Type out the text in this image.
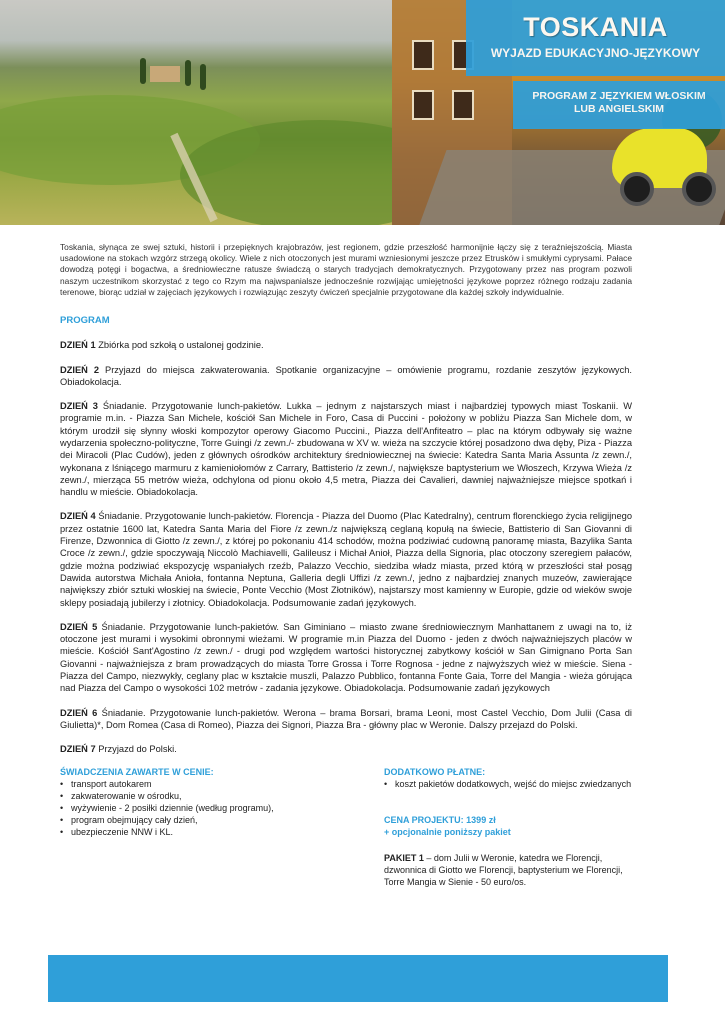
TOSKANIA
WYJAZD EDUKACYJNO-JĘZYKOWY
PROGRAM Z JĘZYKIEM WŁOSKIM
LUB ANGIELSKIM

Toskania, słynąca ze swej sztuki, historii i przepięknych krajobrazów, jest regionem, gdzie przeszłość harmonijnie łączy się z teraźniejszością. Miasta usadowione na stokach wzgórz strzegą okolicy. Wiele z nich otoczonych jest murami wzniesionymi jeszcze przez Etrusków i smukłymi cyprysami. Pałace dowodzą potęgi i bogactwa, a średniowieczne ratusze świadczą o starych tradycjach demokratycznych. Przygotowany przez nas program pozwoli naszym uczestnikom skorzystać z tego co Rzym ma najwspanialsze jednocześnie rozwijając umiejętności językowe poprzez różnego rodzaju zadania terenowe, biorąc udział w zajęciach językowych i rozwiązując zeszyty ćwiczeń specjalnie przygotowane dla każdej szkoły indywidualnie.

PROGRAM

DZIEŃ 1 Zbiórka pod szkołą o ustalonej godzinie.

DZIEŃ 2 Przyjazd do miejsca zakwaterowania. Spotkanie organizacyjne – omówienie programu, rozdanie zeszytów językowych. Obiadokolacja.

DZIEŃ 3 Śniadanie. Przygotowanie lunch-pakietów. Lukka – jednym z najstarszych miast i najbardziej typowych miast Toskanii. W programie m.in. - Piazza San Michele, kościół San Michele in Foro, Casa di Puccini - położony w pobliżu Piazza San Michele dom, w którym urodził się słynny włoski kompozytor operowy Giacomo Puccini., Piazza dell'Anfiteatro – plac na którym odbywały się ważne wydarzenia społeczno-polityczne, Torre Guingi /z zewn./- zbudowana w XV w. wieża na szczycie której posadzono dwa dęby, Piza - Piazza dei Miracoli (Plac Cudów), jeden z głównych ośrodków architektury średniowiecznej na świecie: Katedra Santa Maria Assunta /z zewn./, wykonana z lśniącego marmuru z kamieniołomów z Carrary, Battisterio /z zewn./, największe baptysterium we Włoszech, Krzywa Wieża /z zewn./, mierząca 55 metrów wieża, odchylona od pionu około 4,5 metra, Piazza dei Cavalieri, dawniej najważniejsze miejsce spotkań i handlu w mieście. Obiadokolacja.

DZIEŃ 4 Śniadanie. Przygotowanie lunch-pakietów. Florencja - Piazza del Duomo (Plac Katedralny), centrum florenckiego życia religijnego przez ostatnie 1600 lat, Katedra Santa Maria del Fiore /z zewn./z największą ceglaną kopułą na świecie, Battisterio di San Giovanni di Firenze, Dzwonnica di Giotto /z zewn./, z której po pokonaniu 414 schodów, można podziwiać cudowną panoramę miasta, Bazylika Santa Croce /z zewn./, gdzie spoczywają Niccolò Machiavelli, Galileusz i Michał Anioł, Piazza della Signoria, plac otoczony szeregiem pałaców, gdzie można podziwiać ekspozycję wspaniałych rzeźb, Palazzo Vecchio, siedziba władz miasta, przed którą w przeszłości stał posąg Dawida autorstwa Michała Anioła, fontanna Neptuna, Galleria degli Uffizi /z zewn./, jedno z najbardziej znanych muzeów, zawierające największy zbiór sztuki włoskiej na świecie, Ponte Vecchio (Most Złotników), najstarszy most kamienny w Europie, gdzie od wieków swoje sklepy posiadają jubilerzy i złotnicy. Obiadokolacja. Podsumowanie zadań językowych.

DZIEŃ 5 Śniadanie. Przygotowanie lunch-pakietów. San Giminiano – miasto zwane średniowiecznym Manhattanem z uwagi na to, iż otoczone jest murami i wysokimi obronnymi wieżami. W programie m.in Piazza del Duomo - jeden z dwóch najważniejszych placów w mieście. Kościół Sant'Agostino /z zewn./ - drugi pod względem wartości historycznej zabytkowy kościół w San Gimignano Porta San Giovanni - najważniejsza z bram prowadzących do miasta Torre Grossa i Torre Rognosa - jedne z najwyższych wież w mieście. Siena - Piazza del Campo, niezwykły, ceglany plac w kształcie muszli, Palazzo Pubblico, fontanna Fonte Gaia, Torre del Mangia - wieża górująca nad Piazza del Campo o wysokości 102 metrów - zadania językowe. Obiadokolacja. Podsumowanie zadań językowych

DZIEŃ 6 Śniadanie. Przygotowanie lunch-pakietów. Werona – brama Borsari, brama Leoni, most Castel Vecchio, Dom Julii (Casa di Giulietta)*, Dom Romea (Casa di Romeo), Piazza dei Signori, Piazza Bra - główny plac w Weronie. Dalszy przejazd do Polski.

DZIEŃ 7 Przyjazd do Polski.

ŚWIADCZENIA ZAWARTE W CENIE:
• transport autokarem
• zakwaterowanie w ośrodku,
• wyżywienie - 2 posiłki dziennie (według programu),
• program obejmujący cały dzień,
• ubezpieczenie NNW i KL.
DODATKOWO PŁATNE:
• koszt pakietów dodatkowych, wejść do miejsc zwiedzanych
CENA PROJEKTU: 1399 zł
+ opcjonalnie poniższy pakiet
PAKIET 1 – dom Julii w Weronie, katedra we Florencji, dzwonnica di Giotto we Florencji, baptysterium we Florencji, Torre Mangia w Sienie - 50 euro/os.
